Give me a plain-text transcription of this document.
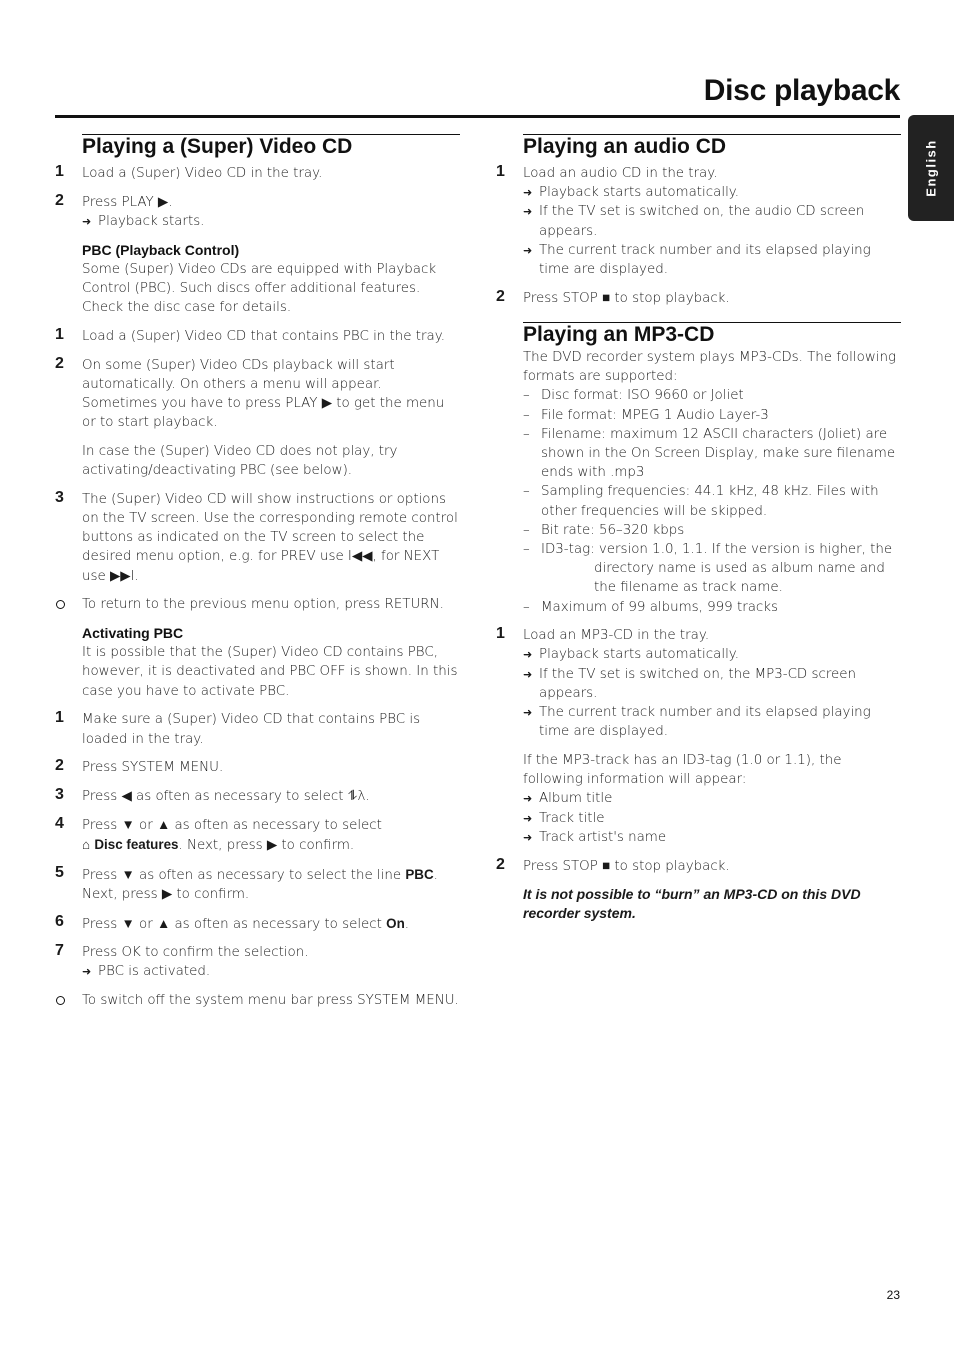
Disc playback
English
Playing a (Super) Video CD
1 Load a (Super) Video CD in the tray.
2 Press PLAY ▶.
➜ Playback starts.
PBC (Playback Control)
Some (Super) Video CDs are equipped with Playback Control (PBC). Such discs offer additional features. Check the disc case for details.
1 Load a (Super) Video CD that contains PBC in the tray.
2 On some (Super) Video CDs playback will start automatically. On others a menu will appear. Sometimes you have to press PLAY ▶ to get the menu or to start playback.
In case the (Super) Video CD does not play, try activating/deactivating PBC (see below).
3 The (Super) Video CD will show instructions or options on the TV screen. Use the corresponding remote control buttons as indicated on the TV screen to select the desired menu option, e.g. for PREV use I◀◀, for NEXT use ▶▶I.
To return to the previous menu option, press RETURN.
Activating PBC
It is possible that the (Super) Video CD contains PBC, however, it is deactivated and PBC OFF is shown. In this case you have to activate PBC.
1 Make sure a (Super) Video CD that contains PBC is loaded in the tray.
2 Press SYSTEM MENU.
3 Press ◀ as often as necessary to select ⥮λ.
4 Press ▼ or ▲ as often as necessary to select
⌂ Disc features. Next, press ▶ to confirm.
5 Press ▼ as often as necessary to select the line PBC. Next, press ▶ to confirm.
6 Press ▼ or ▲ as often as necessary to select On.
7 Press OK to confirm the selection.
➜ PBC is activated.
To switch off the system menu bar press SYSTEM MENU.
Playing an audio CD
1 Load an audio CD in the tray.
➜ Playback starts automatically.
➜ If the TV set is switched on, the audio CD screen appears.
➜ The current track number and its elapsed playing time are displayed.
2 Press STOP ■ to stop playback.
Playing an MP3-CD
The DVD recorder system plays MP3-CDs. The following formats are supported:
– Disc format: ISO 9660 or Joliet
– File format: MPEG 1 Audio Layer-3
– Filename: maximum 12 ASCII characters (Joliet) are shown in the On Screen Display, make sure filename ends with .mp3
– Sampling frequencies: 44.1 kHz, 48 kHz. Files with other frequencies will be skipped.
– Bit rate: 56–320 kbps
– ID3-tag: version 1.0, 1.1. If the version is higher, the
directory name is used as album name and the filename as track name.
– Maximum of 99 albums, 999 tracks
1 Load an MP3-CD in the tray.
➜ Playback starts automatically.
➜ If the TV set is switched on, the MP3-CD screen appears.
➜ The current track number and its elapsed playing time are displayed.
If the MP3-track has an ID3-tag (1.0 or 1.1), the following information will appear:
➜ Album title
➜ Track title
➜ Track artist's name
2 Press STOP ■ to stop playback.
It is not possible to “burn” an MP3-CD on this DVD recorder system.
23
